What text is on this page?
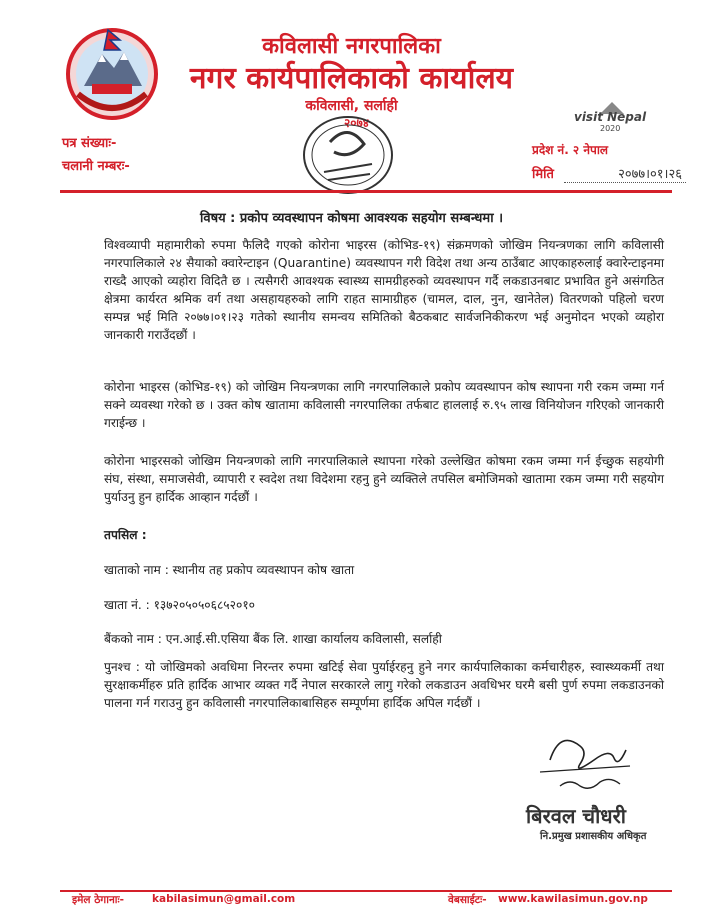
कविलासी नगरपालिका
नगर कार्यपालिकाको कार्यालय
कविलासी, सर्लाही
२०७४	visit Nepal
2020
पत्र संख्याः-
चलानी नम्बरः-
प्रदेश नं. २ नेपाल
मिति	२०७७।०१।२६
विषय : प्रकोप व्यवस्थापन कोषमा आवश्यक सहयोग सम्बन्धमा ।
विश्वव्यापी महामारीको रुपमा फैलिदै गएको कोरोना भाइरस (कोभिड-१९) संक्रमणको जोखिम नियन्त्रणका लागि कविलासी नगरपालिकाले २४ सैयाको क्वारेन्टाइन (Quarantine) व्यवस्थापन गरी विदेश तथा अन्य ठाउँबाट आएकाहरुलाई क्वारेन्टाइनमा राख्दै आएको व्यहोरा विदितै छ । त्यसैगरी आवश्यक स्वास्थ्य सामग्रीहरुको व्यवस्थापन गर्दै लकडाउनबाट प्रभावित हुने असंगठित क्षेत्रमा कार्यरत श्रमिक वर्ग तथा असहायहरुको लागि राहत सामाग्रीहरु (चामल, दाल, नुन, खानेतेल) वितरणको पहिलो चरण सम्पन्न भई मिति २०७७।०१।२३ गतेको स्थानीय समन्वय समितिको बैठकबाट सार्वजनिकीकरण भई अनुमोदन भएको व्यहोरा जानकारी गराउँदछौं ।
कोरोना भाइरस (कोभिड-१९) को जोखिम नियन्त्रणका लागि नगरपालिकाले प्रकोप व्यवस्थापन कोष स्थापना गरी रकम जम्मा गर्न सक्ने व्यवस्था गरेको छ । उक्त कोष खातामा कविलासी नगरपालिका तर्फबाट हाललाई रु.९५ लाख विनियोजन गरिएको जानकारी गराईन्छ ।
कोरोना भाइरसको जोखिम नियन्त्रणको लागि नगरपालिकाले स्थापना गरेको उल्लेखित कोषमा रकम जम्मा गर्न ईच्छुक सहयोगी संघ, संस्था, समाजसेवी, व्यापारी र स्वदेश तथा विदेशमा रहनु हुने व्यक्तिले तपसिल बमोजिमको खातामा रकम जम्मा गरी सहयोग पुर्याउनु हुन हार्दिक आव्हान गर्दछौं ।
तपसिल :
खाताको नाम : स्थानीय तह प्रकोप व्यवस्थापन कोष खाता
खाता नं. : १३७२०५०५०६८५२०१०
बैंकको नाम : एन.आई.सी.एसिया बैंक लि. शाखा कार्यालय कविलासी, सर्लाही
पुनश्च : यो जोखिमको अवधिमा निरन्तर रुपमा खटिई सेवा पुर्याईरहनु हुने नगर कार्यपालिकाका कर्मचारीहरु, स्वास्थ्यकर्मी तथा सुरक्षाकर्मीहरु प्रति हार्दिक आभार व्यक्त गर्दै नेपाल सरकारले लागु गरेको लकडाउन अवधिभर घरमै बसी पुर्ण रुपमा लकडाउनको पालना गर्न गराउनु हुन कविलासी नगरपालिकाबासिहरु सम्पूर्णमा हार्दिक अपिल गर्दछौं ।
बिरवल चौधरी
नि.प्रमुख प्रशासकीय अधिकृत
इमेल ठेगानाः-	kabilasimun@gmail.com	वेबसाईटः- www.kawilasimun.gov.np
